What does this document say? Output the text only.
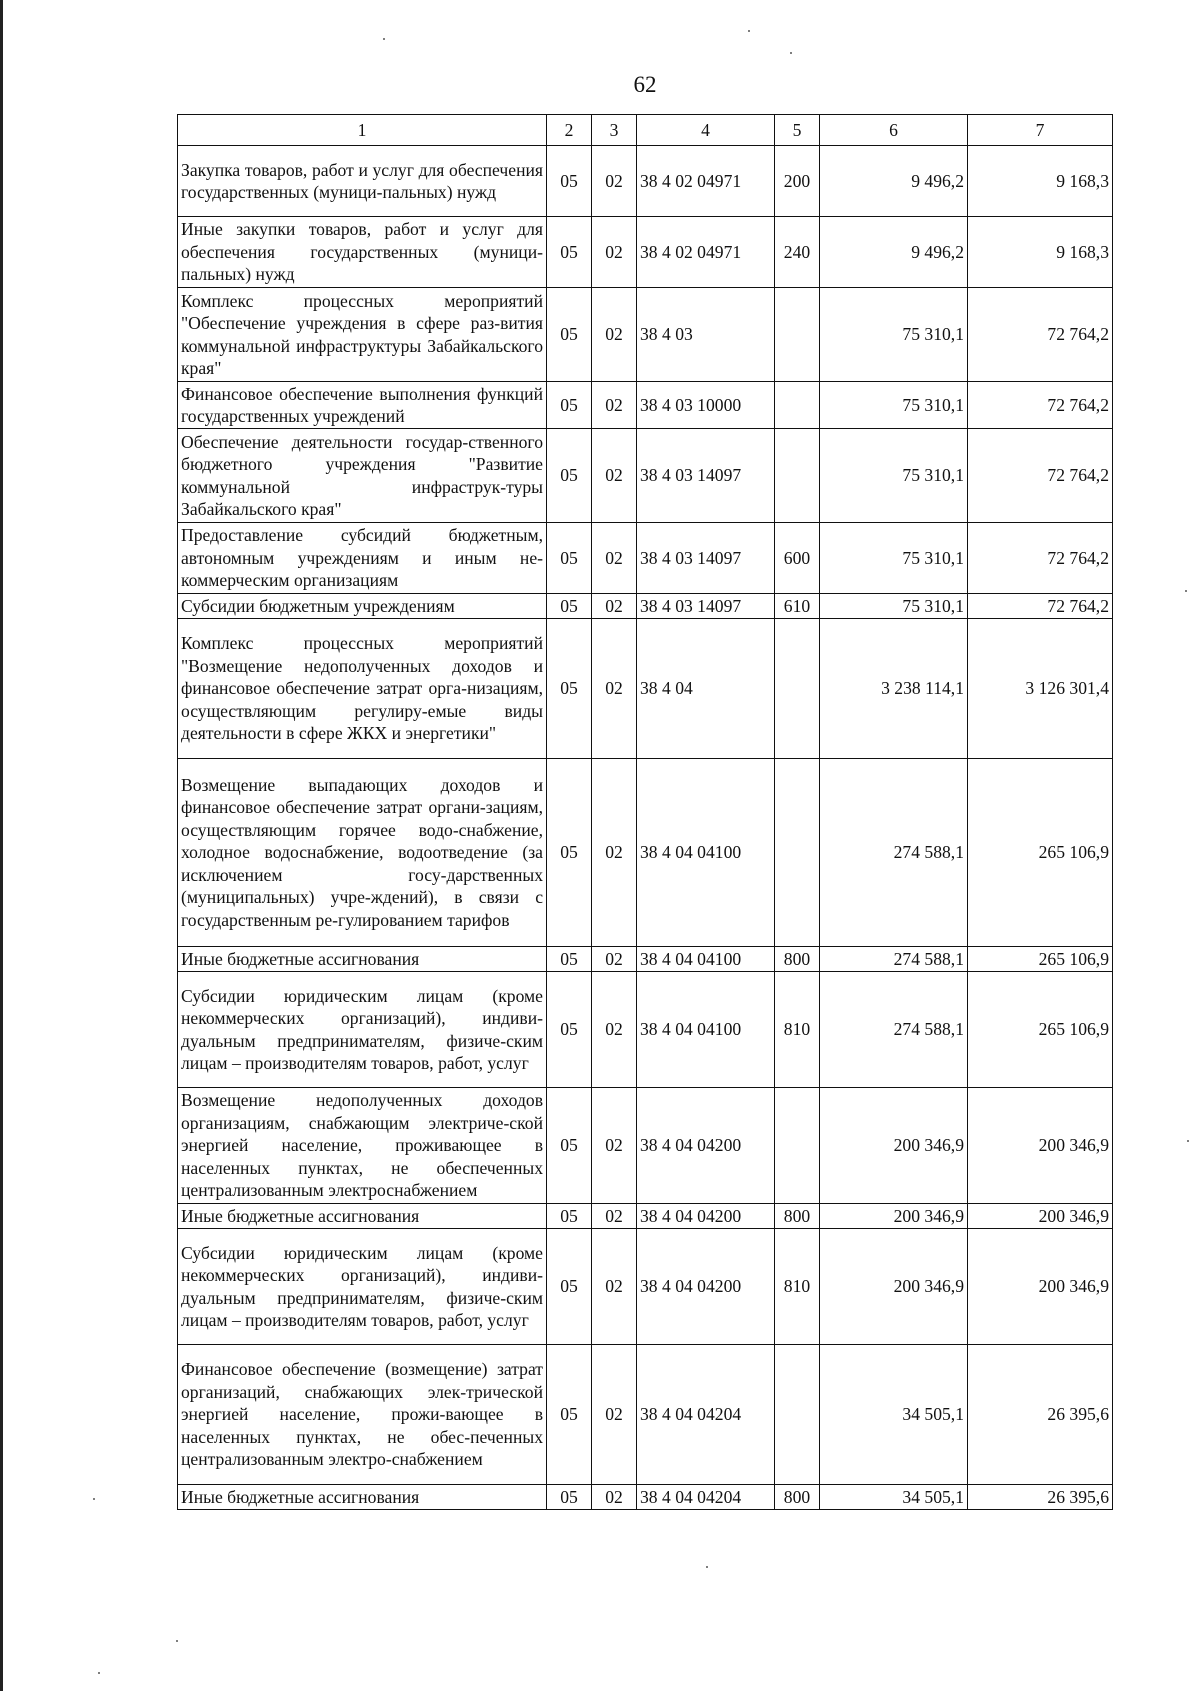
62
1	2	3	4	5	6	7
Закупка товаров, работ и услуг для обеспечения государственных (муници-пальных) нужд	05	02	38 4 02 04971	200	9 496,2	9 168,3
Иные закупки товаров, работ и услуг для обеспечения государственных (муници-пальных) нужд	05	02	38 4 02 04971	240	9 496,2	9 168,3
Комплекс процессных мероприятий "Обеспечение учреждения в сфере раз-вития коммунальной инфраструктуры Забайкальского края"	05	02	38 4 03		75 310,1	72 764,2
Финансовое обеспечение выполнения функций государственных учреждений	05	02	38 4 03 10000		75 310,1	72 764,2
Обеспечение деятельности государ-ственного бюджетного учреждения "Развитие коммунальной инфраструк-туры Забайкальского края"	05	02	38 4 03 14097		75 310,1	72 764,2
Предоставление субсидий бюджетным, автономным учреждениям и иным не-коммерческим организациям	05	02	38 4 03 14097	600	75 310,1	72 764,2
Субсидии бюджетным учреждениям	05	02	38 4 03 14097	610	75 310,1	72 764,2
Комплекс процессных мероприятий "Возмещение недополученных доходов и финансовое обеспечение затрат орга-низациям, осуществляющим регулиру-емые виды деятельности в сфере ЖКХ и энергетики"	05	02	38 4 04		3 238 114,1	3 126 301,4
Возмещение выпадающих доходов и финансовое обеспечение затрат органи-зациям, осуществляющим горячее водо-снабжение, холодное водоснабжение, водоотведение (за исключением госу-дарственных (муниципальных) учре-ждений), в связи с государственным ре-гулированием тарифов	05	02	38 4 04 04100		274 588,1	265 106,9
Иные бюджетные ассигнования	05	02	38 4 04 04100	800	274 588,1	265 106,9
Субсидии юридическим лицам (кроме некоммерческих организаций), индиви-дуальным предпринимателям, физиче-ским лицам – производителям товаров, работ, услуг	05	02	38 4 04 04100	810	274 588,1	265 106,9
Возмещение недополученных доходов организациям, снабжающим электриче-ской энергией население, проживающее в населенных пунктах, не обеспеченных централизованным электроснабжением	05	02	38 4 04 04200		200 346,9	200 346,9
Иные бюджетные ассигнования	05	02	38 4 04 04200	800	200 346,9	200 346,9
Субсидии юридическим лицам (кроме некоммерческих организаций), индиви-дуальным предпринимателям, физиче-ским лицам – производителям товаров, работ, услуг	05	02	38 4 04 04200	810	200 346,9	200 346,9
Финансовое обеспечение (возмещение) затрат организаций, снабжающих элек-трической энергией население, прожи-вающее в населенных пунктах, не обес-печенных централизованным электро-снабжением	05	02	38 4 04 04204		34 505,1	26 395,6
Иные бюджетные ассигнования	05	02	38 4 04 04204	800	34 505,1	26 395,6
